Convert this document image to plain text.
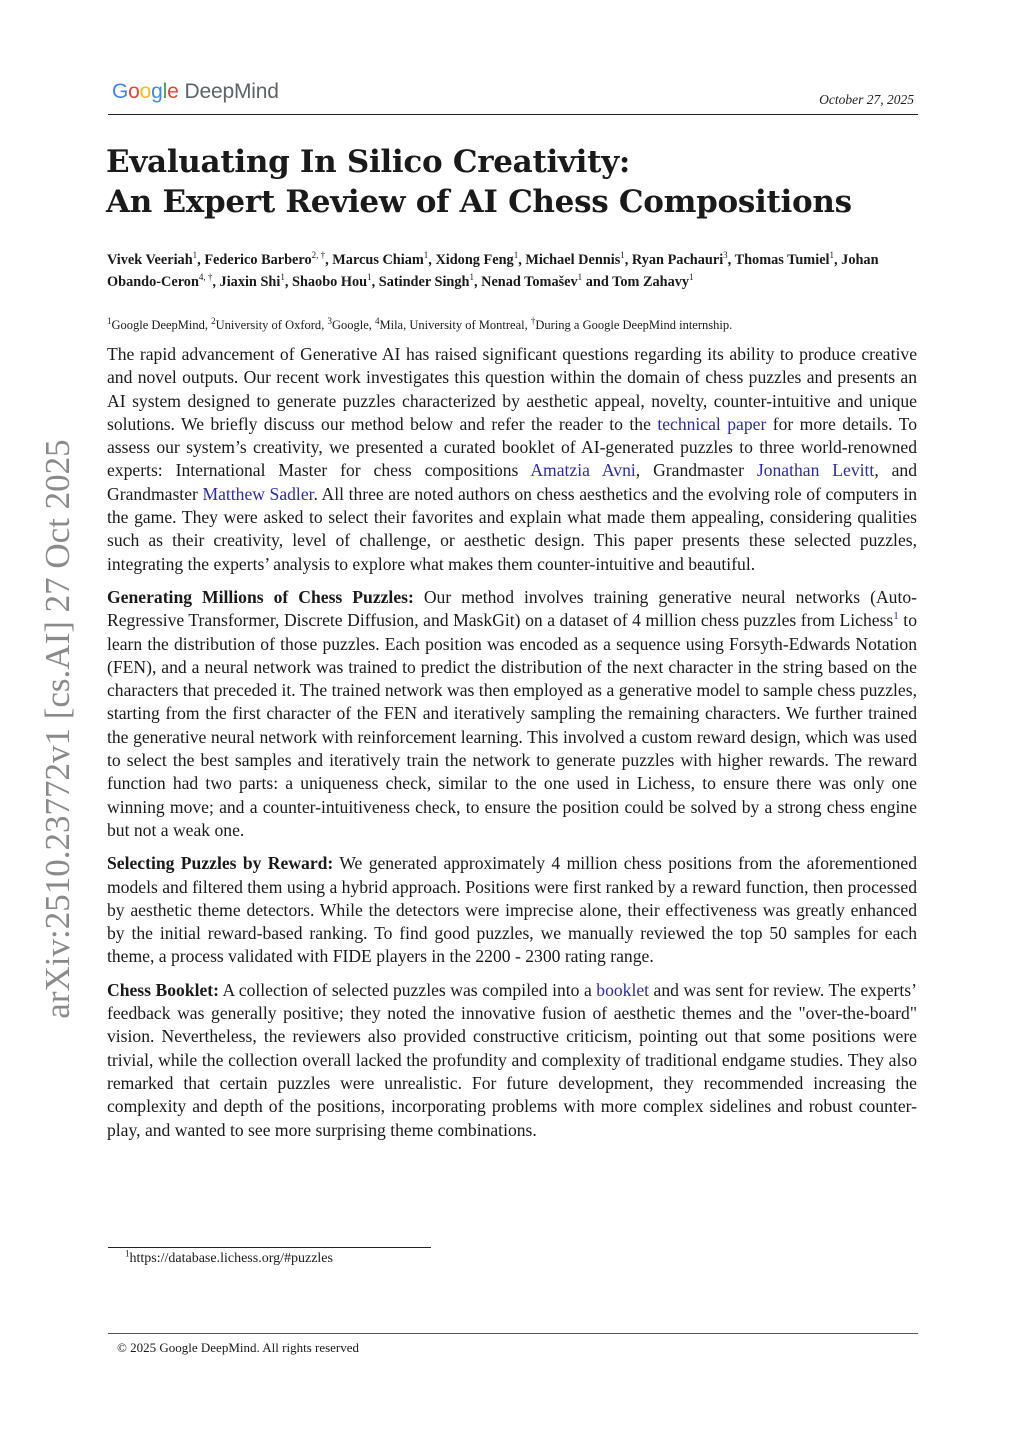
Google DeepMind	October 27, 2025
arXiv:2510.23772v1 [cs.AI] 27 Oct 2025
Evaluating In Silico Creativity:
An Expert Review of AI Chess Compositions
Vivek Veeriah$^1$, Federico Barbero$^{2, \dagger}$, Marcus Chiam$^1$, Xidong Feng$^1$, Michael Dennis$^1$, Ryan Pachauri$^3$, Thomas Tumiel$^1$, Johan Obando-Ceron$^{4, \dagger}$, Jiaxin Shi$^1$, Shaobo Hou$^1$, Satinder Singh$^1$, Nenad Tomašev$^1$ and Tom Zahavy$^1$
$^1$Google DeepMind, $^2$University of Oxford, $^3$Google, $^4$Mila, University of Montreal, †During a Google DeepMind internship.

The rapid advancement of Generative AI has raised significant questions regarding its ability to produce creative and novel outputs. Our recent work investigates this question within the domain of chess puzzles and presents an AI system designed to generate puzzles characterized by aesthetic appeal, novelty, counter-intuitive and unique solutions. We briefly discuss our method below and refer the reader to the technical paper for more details. To assess our system’s creativity, we presented a curated booklet of AI-generated puzzles to three world-renowned experts: International Master for chess compositions Amatzia Avni, Grandmaster Jonathan Levitt, and Grandmaster Matthew Sadler. All three are noted authors on chess aesthetics and the evolving role of computers in the game. They were asked to select their favorites and explain what made them appealing, considering qualities such as their creativity, level of challenge, or aesthetic design. This paper presents these selected puzzles, integrating the experts’ analysis to explore what makes them counter-intuitive and beautiful.

Generating Millions of Chess Puzzles: Our method involves training generative neural networks (Auto-Regressive Transformer, Discrete Diffusion, and MaskGit) on a dataset of 4 million chess puzzles from Lichess$^1$ to learn the distribution of those puzzles. Each position was encoded as a sequence using Forsyth-Edwards Notation (FEN), and a neural network was trained to predict the distribution of the next character in the string based on the characters that preceded it. The trained network was then employed as a generative model to sample chess puzzles, starting from the first character of the FEN and iteratively sampling the remaining characters. We further trained the generative neural network with reinforcement learning. This involved a custom reward design, which was used to select the best samples and iteratively train the network to generate puzzles with higher rewards. The reward function had two parts: a uniqueness check, similar to the one used in Lichess, to ensure there was only one winning move; and a counter-intuitiveness check, to ensure the position could be solved by a strong chess engine but not a weak one.

Selecting Puzzles by Reward: We generated approximately 4 million chess positions from the aforementioned models and filtered them using a hybrid approach. Positions were first ranked by a reward function, then processed by aesthetic theme detectors. While the detectors were imprecise alone, their effectiveness was greatly enhanced by the initial reward-based ranking. To find good puzzles, we manually reviewed the top 50 samples for each theme, a process validated with FIDE players in the 2200 - 2300 rating range.

Chess Booklet: A collection of selected puzzles was compiled into a booklet and was sent for review. The experts’ feedback was generally positive; they noted the innovative fusion of aesthetic themes and the "over-the-board" vision. Nevertheless, the reviewers also provided constructive criticism, pointing out that some positions were trivial, while the collection overall lacked the profundity and complexity of traditional endgame studies. They also remarked that certain puzzles were unrealistic. For future development, they recommended increasing the complexity and depth of the positions, incorporating problems with more complex sidelines and robust counter-play, and wanted to see more surprising theme combinations.

$^1$https://database.lichess.org/#puzzles
© 2025 Google DeepMind. All rights reserved
